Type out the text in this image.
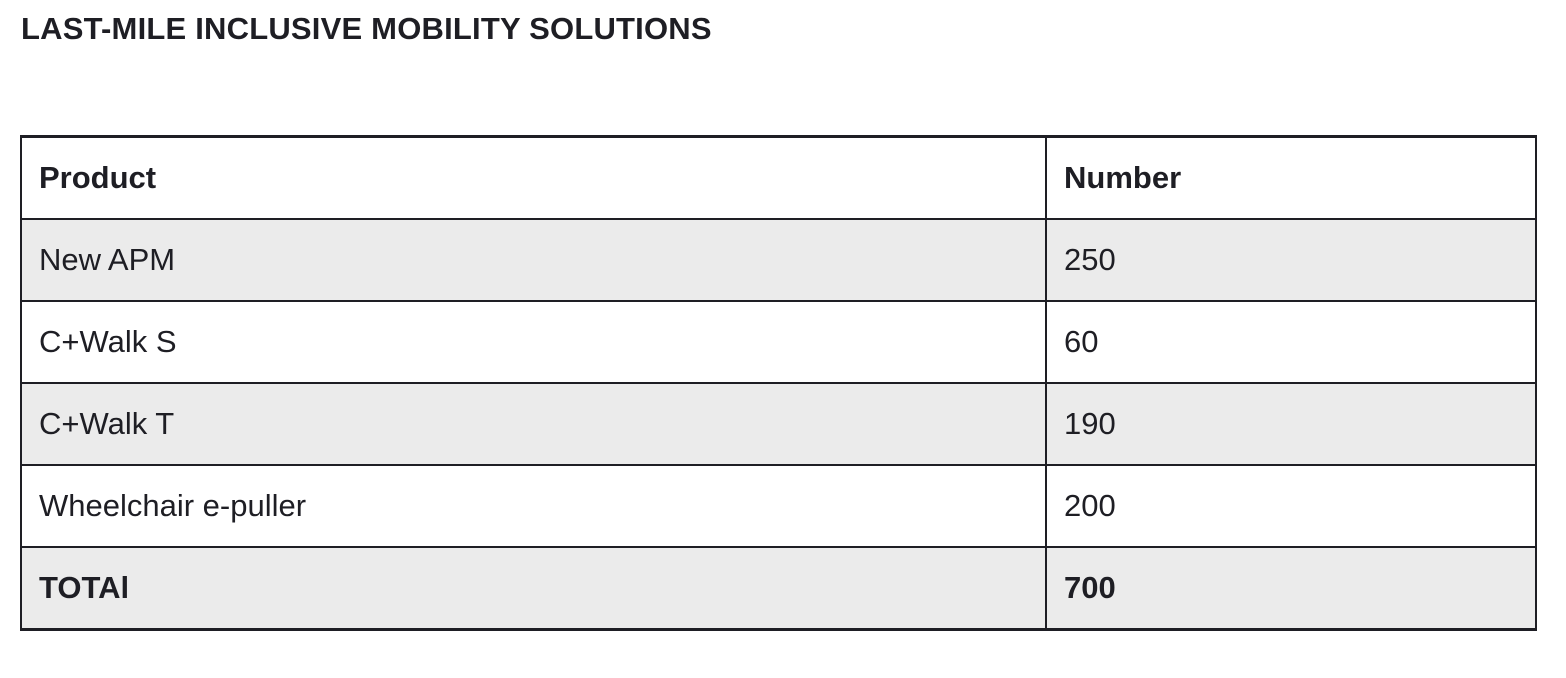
LAST-MILE INCLUSIVE MOBILITY SOLUTIONS
Product	Number
New APM	250
C+Walk S	60
C+Walk T	190
Wheelchair e-puller	200
TOTAl	700
